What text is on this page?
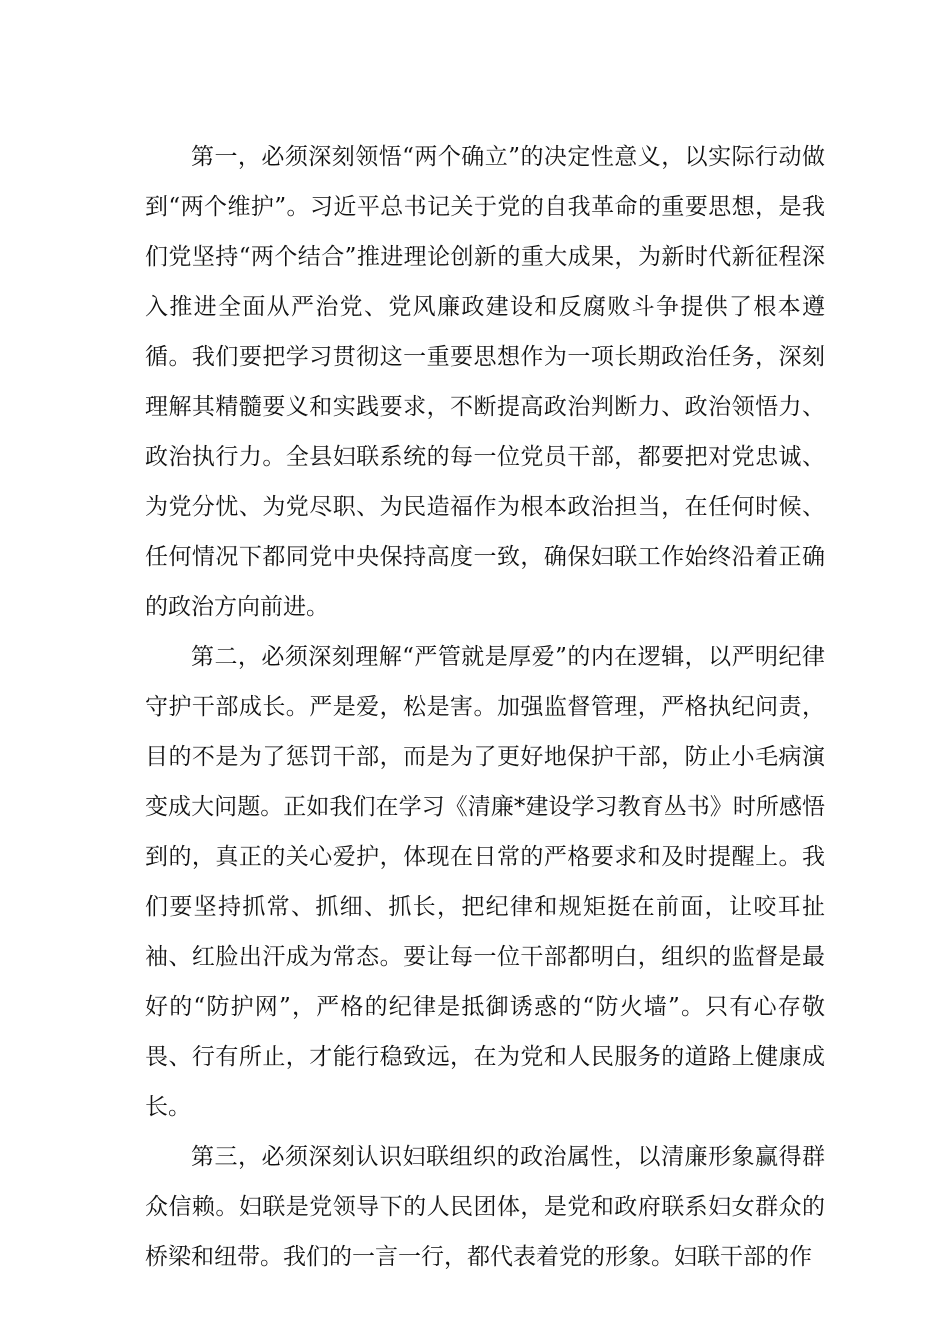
第一，必须深刻领悟“两个确立”的决定性意义，以实际行动做到“两个维护”。习近平总书记关于党的自我革命的重要思想，是我们党坚持“两个结合”推进理论创新的重大成果，为新时代新征程深入推进全面从严治党、党风廉政建设和反腐败斗争提供了根本遵循。我们要把学习贯彻这一重要思想作为一项长期政治任务，深刻理解其精髓要义和实践要求，不断提高政治判断力、政治领悟力、政治执行力。全县妇联系统的每一位党员干部，都要把对党忠诚、为党分忧、为党尽职、为民造福作为根本政治担当，在任何时候、任何情况下都同党中央保持高度一致，确保妇联工作始终沿着正确的政治方向前进。

第二，必须深刻理解“严管就是厚爱”的内在逻辑，以严明纪律守护干部成长。严是爱，松是害。加强监督管理，严格执纪问责，目的不是为了惩罚干部，而是为了更好地保护干部，防止小毛病演变成大问题。正如我们在学习《清廉*建设学习教育丛书》时所感悟到的，真正的关心爱护，体现在日常的严格要求和及时提醒上。我们要坚持抓常、抓细、抓长，把纪律和规矩挺在前面，让咬耳扯袖、红脸出汗成为常态。要让每一位干部都明白，组织的监督是最好的“防护网”，严格的纪律是抵御诱惑的“防火墙”。只有心存敬畏、行有所止，才能行稳致远，在为党和人民服务的道路上健康成长。

第三，必须深刻认识妇联组织的政治属性，以清廉形象赢得群众信赖。妇联是党领导下的人民团体，是党和政府联系妇女群众的桥梁和纽带。我们的一言一行，都代表着党的形象。妇联干部的作
